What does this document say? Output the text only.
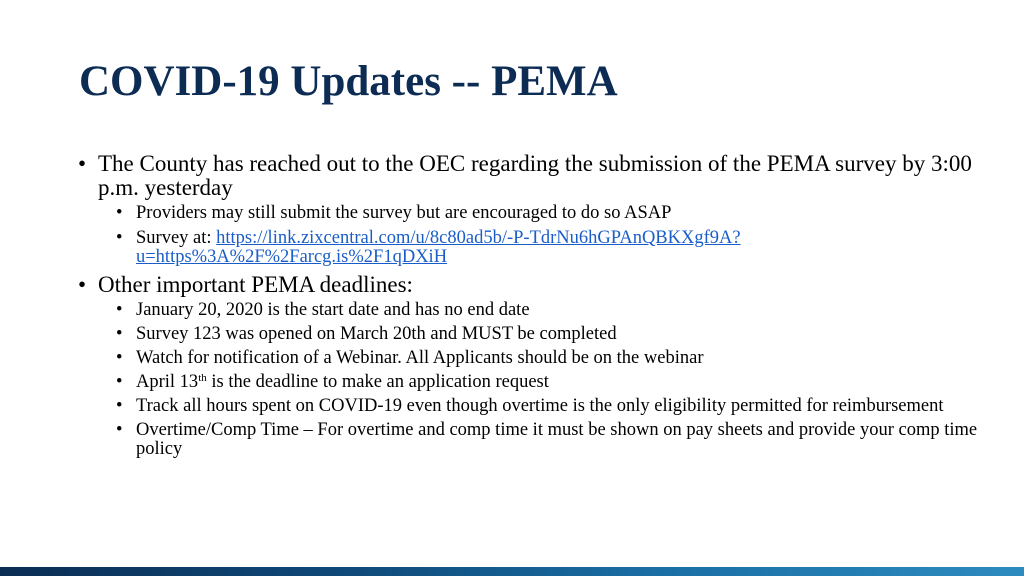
COVID-19 Updates -- PEMA
• The County has reached out to the OEC regarding the submission of the PEMA survey by 3:00 p.m. yesterday
• Providers may still submit the survey but are encouraged to do so ASAP
• Survey at: https://link.zixcentral.com/u/8c80ad5b/-P-TdrNu6hGPAnQBKXgf9A?u=https%3A%2F%2Farcg.is%2F1qDXiH
• Other important PEMA deadlines:
• January 20, 2020 is the start date and has no end date
• Survey 123 was opened on March 20th and MUST be completed
• Watch for notification of a Webinar. All Applicants should be on the webinar
• April 13th is the deadline to make an application request
• Track all hours spent on COVID-19 even though overtime is the only eligibility permitted for reimbursement
• Overtime/Comp Time – For overtime and comp time it must be shown on pay sheets and provide your comp time policy
